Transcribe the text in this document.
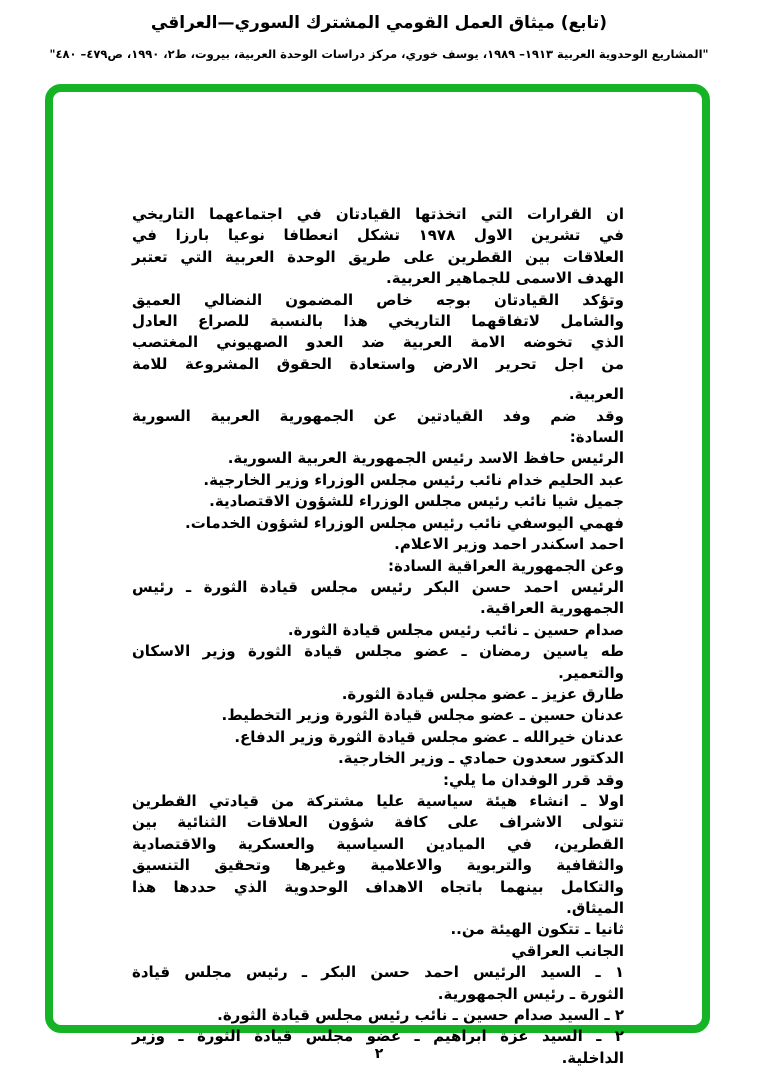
(تابع) ميثاق العمل القومي المشترك السوري—العراقي
"المشاريع الوحدوية العربية ١٩١٣– ١٩٨٩، يوسف خوري، مركز دراسات الوحدة العربية، بيروت، ط٢، ١٩٩٠، ص٤٧٩– ٤٨٠"
ان القرارات التي اتخذتها القيادتان في اجتماعهما التاريخي
في تشرين الاول ١٩٧٨ تشكل انعطافا نوعيا بارزا في
العلاقات بين القطرين على طريق الوحدة العربية التي تعتبر
الهدف الاسمى للجماهير العربية.
وتؤكد القيادتان بوجه خاص المضمون النضالي العميق
والشامل لاتفاقهما التاريخي هذا بالنسبة للصراع العادل
الذي تخوضه الامة العربية ضد العدو الصهيوني المغتصب
من اجل تحرير الارض واستعادة الحقوق المشروعة للامة
العربية.
وقد ضم وفد القيادتين عن الجمهورية العربية السورية
السادة:
الرئيس حافظ الاسد رئيس الجمهورية العربية السورية.
عبد الحليم خدام نائب رئيس مجلس الوزراء وزير الخارجية.
جميل شيا نائب رئيس مجلس الوزراء للشؤون الاقتصادية.
فهمي اليوسفي نائب رئيس مجلس الوزراء لشؤون الخدمات.
احمد اسكندر احمد وزير الاعلام.
وعن الجمهورية العراقية السادة:
الرئيس احمد حسن البكر رئيس مجلس قيادة الثورة ـ رئيس
الجمهورية العراقية.
صدام حسين ـ نائب رئيس مجلس قيادة الثورة.
طه ياسين رمضان ـ عضو مجلس قيادة الثورة وزير الاسكان
والتعمير.
طارق عزيز ـ عضو مجلس قيادة الثورة.
عدنان حسين ـ عضو مجلس قيادة الثورة وزير التخطيط.
عدنان خيرالله ـ عضو مجلس قيادة الثورة وزير الدفاع.
الدكتور سعدون حمادي ـ وزير الخارجية.
وقد قرر الوفدان ما يلي:
اولا ـ انشاء هيئة سياسية عليا مشتركة من قيادتي القطرين
تتولى الاشراف على كافة شؤون العلاقات الثنائية بين
القطرين، في الميادين السياسية والعسكرية والاقتصادية
والثقافية والتربوية والاعلامية وغيرها وتحقيق التنسيق
والتكامل بينهما باتجاه الاهداف الوحدوية الذي حددها هذا
الميثاق.
ثانيا ـ تتكون الهيئة من..
الجانب العراقي
١ ـ السيد الرئيس احمد حسن البكر ـ رئيس مجلس قيادة
الثورة ـ رئيس الجمهورية.
٢ ـ السيد صدام حسين ـ نائب رئيس مجلس قيادة الثورة.
٢ ـ السيد عزة ابراهيم ـ عضو مجلس قيادة الثورة ـ وزير
الداخلية.
٢
